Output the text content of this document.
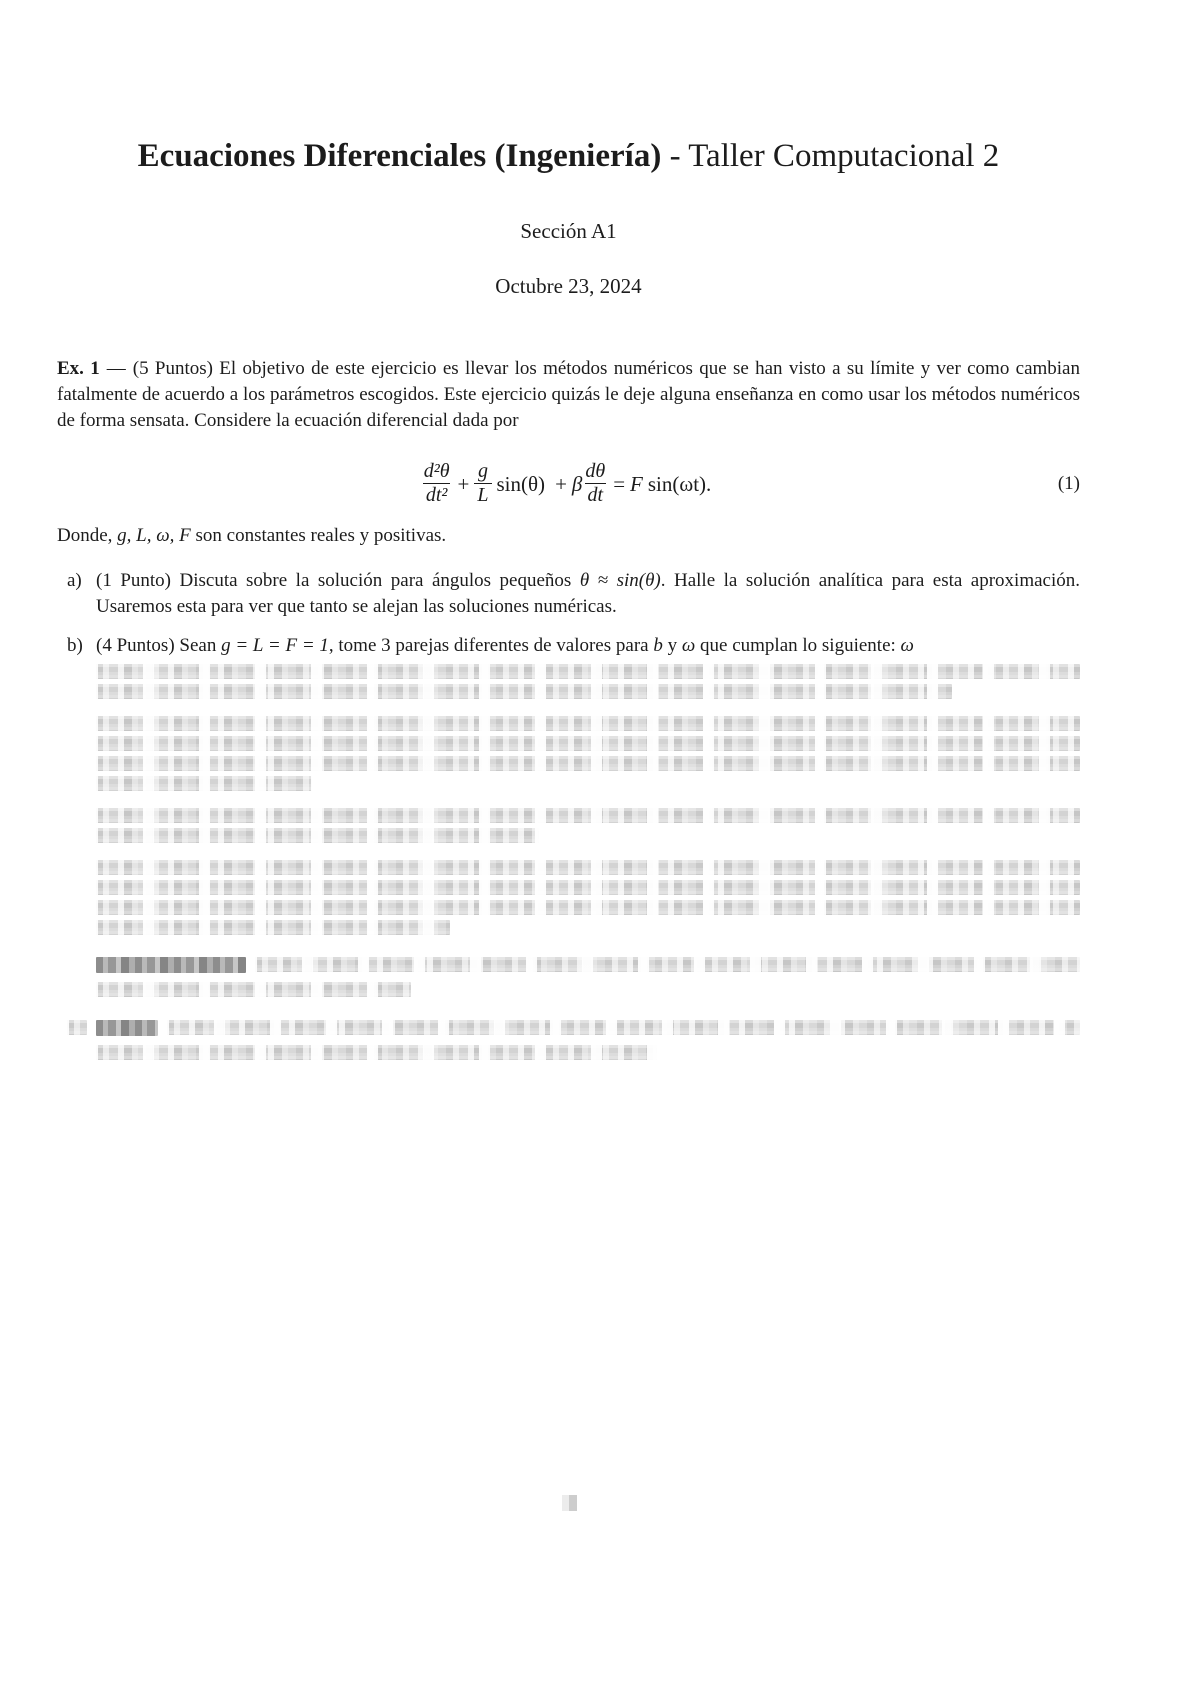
Ecuaciones Diferenciales (Ingeniería) - Taller Computacional 2
Sección A1
Octubre 23, 2024

Ex. 1 — (5 Puntos) El objetivo de este ejercicio es llevar los métodos numéricos que se han visto a su límite y ver como cambian fatalmente de acuerdo a los parámetros escogidos. Este ejercicio quizás le deje alguna enseñanza en como usar los métodos numéricos de forma sensata. Considere la ecuación diferencial dada por

$\frac{\text{d²θ}}{\text{dt²}} + \frac{g}{L} \sin(\theta) + \beta \frac{d\theta}{dt} = F$ sin(ωt).	(1)

Donde, g, L, ω, F son constantes reales y positivas.

a) (1 Punto) Discuta sobre la solución para ángulos pequeños θ ≈ sin(θ). Halle la solución analítica para esta aproximación. Usaremos esta para ver que tanto se alejan las soluciones numéricas.
b) (4 Puntos) Sean g = L = F = 1, tome 3 parejas diferentes de valores para b y ω que cumplan lo siguiente: ω
